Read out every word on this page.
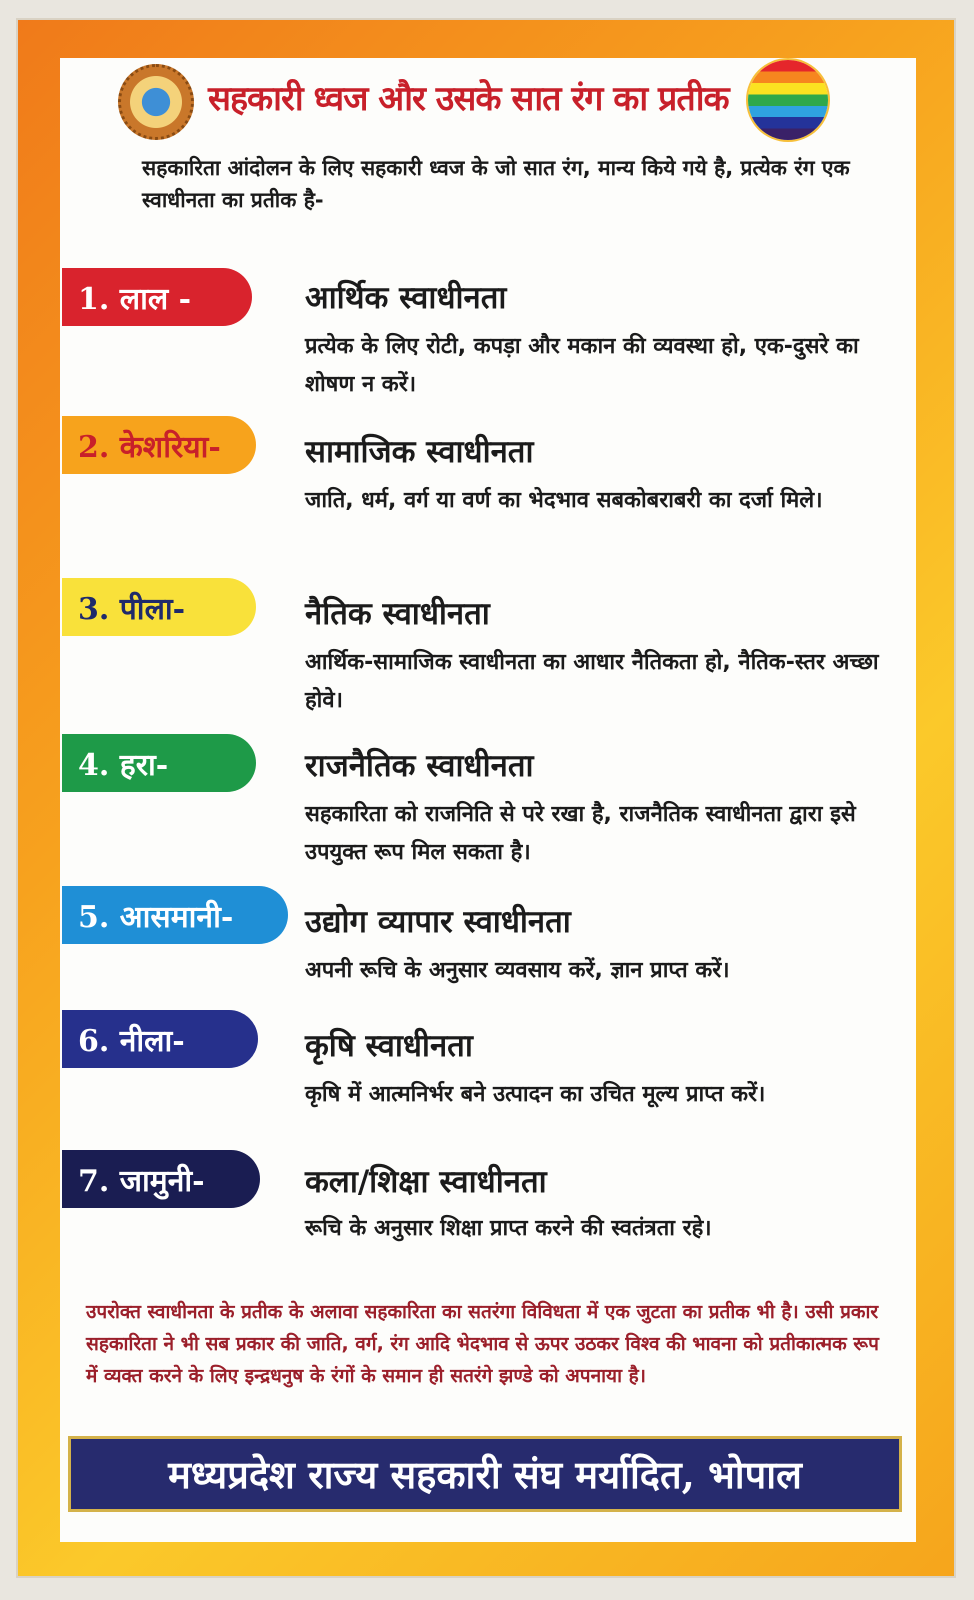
सहकारी ध्वज और उसके सात रंग का प्रतीक
सहकारिता आंदोलन के लिए सहकारी ध्वज के जो सात रंग, मान्य किये गये है, प्रत्येक रंग एक स्वाधीनता का प्रतीक है-
1. लाल -	आर्थिक स्वाधीनता
प्रत्येक के लिए रोटी, कपड़ा और मकान की व्यवस्था हो, एक-दुसरे का शोषण न करें।
2. केशरिया-	सामाजिक स्वाधीनता
जाति, धर्म, वर्ग या वर्ण का भेदभाव सबकोबराबरी का दर्जा मिले।
3. पीला-	नैतिक स्वाधीनता
आर्थिक-सामाजिक स्वाधीनता का आधार नैतिकता हो, नैतिक-स्तर अच्छा होवे।
4. हरा-	राजनैतिक स्वाधीनता
सहकारिता को राजनिति से परे रखा है, राजनैतिक स्वाधीनता द्वारा इसे उपयुक्त रूप मिल सकता है।
5. आसमानी- उद्योग व्यापार स्वाधीनता
अपनी रूचि के अनुसार व्यवसाय करें, ज्ञान प्राप्त करें।
6. नीला-	कृषि स्वाधीनता
कृषि में आत्मनिर्भर बने उत्पादन का उचित मूल्य प्राप्त करें।
7. जामुनी-	कला/शिक्षा स्वाधीनता
रूचि के अनुसार शिक्षा प्राप्त करने की स्वतंत्रता रहे।
उपरोक्त स्वाधीनता के प्रतीक के अलावा सहकारिता का सतरंगा विविधता में एक जुटता का प्रतीक भी है। उसी प्रकार सहकारिता ने भी सब प्रकार की जाति, वर्ग, रंग आदि भेदभाव से ऊपर उठकर विश्व की भावना को प्रतीकात्मक रूप में व्यक्त करने के लिए इन्द्रधनुष के रंगों के समान ही सतरंगे झण्डे को अपनाया है।
मध्यप्रदेश राज्य सहकारी संघ मर्यादित, भोपाल
